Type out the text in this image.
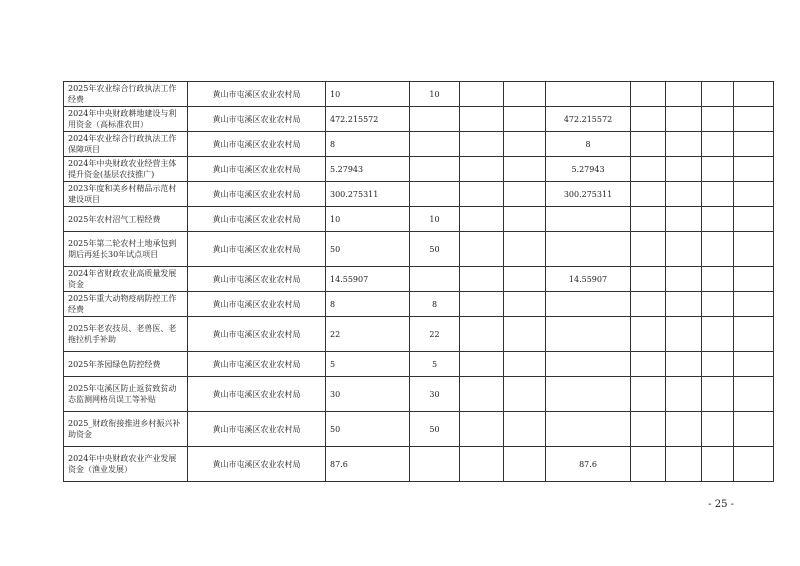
2025年农业综合行政执法工作经费	黄山市屯溪区农业农村局	10	10							
2024年中央财政耕地建设与利用资金（高标准农田）	黄山市屯溪区农业农村局	472.215572				472.215572				
2024年农业综合行政执法工作保障项目	黄山市屯溪区农业农村局	8				8				
2024年中央财政农业经营主体提升资金(基层农技推广)	黄山市屯溪区农业农村局	5.27943				5.27943				
2023年度和美乡村精品示范村建设项目	黄山市屯溪区农业农村局	300.275311				300.275311				
2025年农村沼气工程经费	黄山市屯溪区农业农村局	10	10							
2025年第二轮农村土地承包到期后再延长30年试点项目	黄山市屯溪区农业农村局	50	50							
2024年省财政农业高质量发展资金	黄山市屯溪区农业农村局	14.55907				14.55907				
2025年重大动物疫病防控工作经费	黄山市屯溪区农业农村局	8	8							
2025年老农技员、老兽医、老拖拉机手补助	黄山市屯溪区农业农村局	22	22							
2025年茶园绿色防控经费	黄山市屯溪区农业农村局	5	5							
2025年屯溪区防止返贫致贫动态监测网格员误工等补贴	黄山市屯溪区农业农村局	30	30							
2025_财政衔接推进乡村振兴补助资金	黄山市屯溪区农业农村局	50	50							
2024年中央财政农业产业发展资金（渔业发展）	黄山市屯溪区农业农村局	87.6				87.6				
- 25 -
